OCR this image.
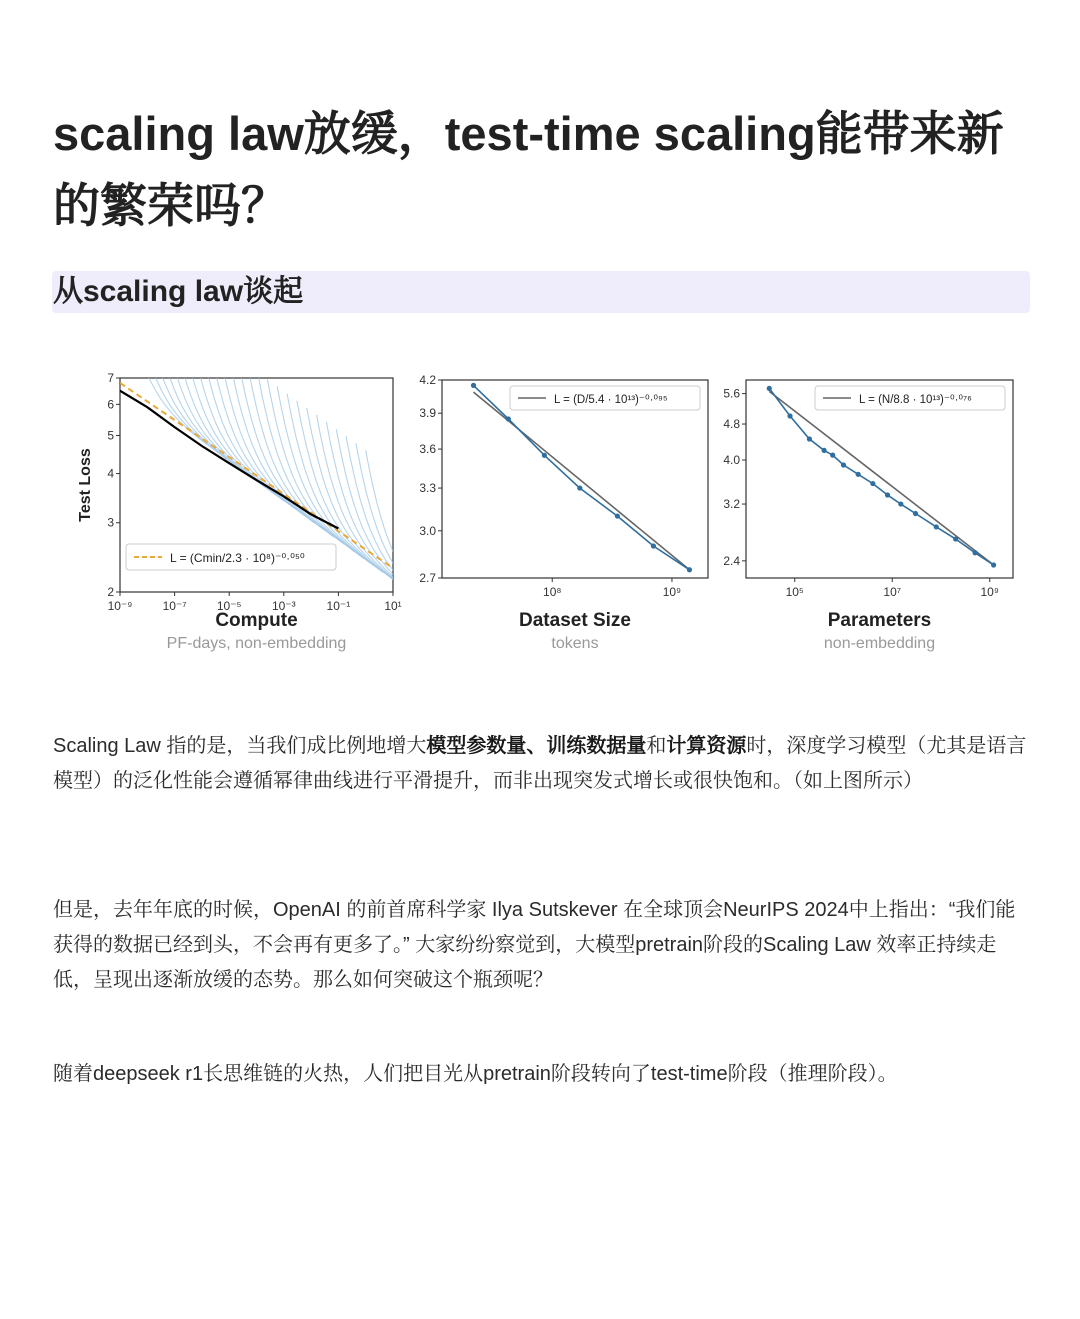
scaling law放缓，test-time scaling能带来新的繁荣吗？
从scaling law谈起
10⁻⁹	10⁻⁷	10⁻⁵	10⁻³	10⁻¹	10¹
2
3
4
5
6
7
L = (Cmin/2.3 · 10⁸)⁻⁰·⁰⁵⁰
Test Loss
Compute
PF-days, non-embedding
10⁸	10⁹
2.7
3.0
3.3
3.6
3.9
4.2
L = (D/5.4 · 10¹³)⁻⁰·⁰⁹⁵
Dataset Size
tokens
10⁵	10⁷	10⁹
2.4
3.2
4.0
4.8
5.6	L = (N/8.8 · 10¹³)⁻⁰·⁰⁷⁶
Parameters
non-embedding

Scaling Law 指的是，当我们成比例地增大模型参数量、训练数据量和计算资源时，深度学习模型（尤其是语言模型）的泛化性能会遵循幂律曲线进行平滑提升，而非出现突发式增长或很快饱和。（如上图所示）

但是，去年年底的时候，OpenAI 的前首席科学家 Ilya Sutskever 在全球顶会NeurIPS 2024中上指出：“我们能获得的数据已经到头，不会再有更多了。” 大家纷纷察觉到，大模型pretrain阶段的Scaling Law 效率正持续走低，呈现出逐渐放缓的态势。那么如何突破这个瓶颈呢？

随着deepseek r1长思维链的火热，人们把目光从pretrain阶段转向了test-time阶段（推理阶段）。
